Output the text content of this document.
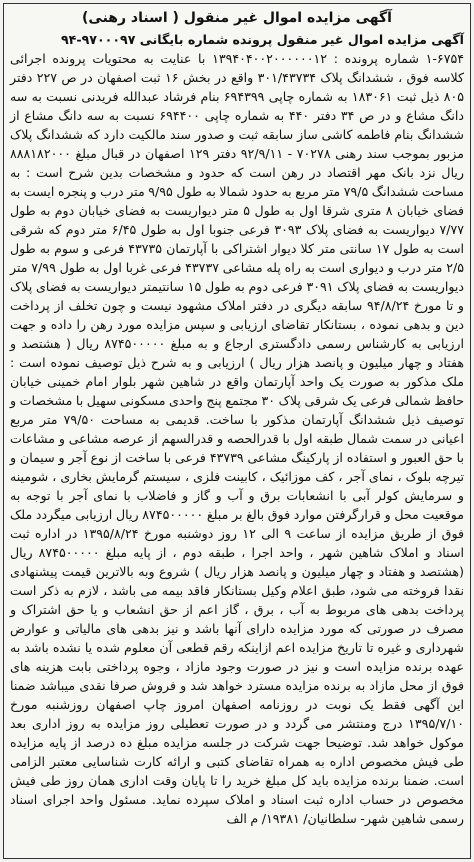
آگهی مزایده اموال غیر منقول ( اسناد رهنی)
آگهی مزایده اموال غیر منقول پرونده شماره بایگانی ۹۷۰۰۰۹۷-۹۴

۱-۶۷۵۴ شماره پرونده : ۱۳۹۴۰۴۰۰۲۰۰۰۰۰۰۱۲ با عنایت به محتویات پرونده اجرائی کلاسه فوق ، ششدانگ پلاک ۳۰۱/۴۳۷۳۴ واقع در بخش ۱۶ ثبت اصفهان در ص ۲۲۷ دفتر ۸۰۵ ذیل ثبت ۱۸۳۰۶۱ به شماره چاپی ۶۹۴۳۹۹ بنام فرشاد عبدالله فریدنی نسبت به سه دانگ مشاع و در ص ۳۴ دفتر ۴۴۰ به شماره چاپی ۶۹۴۴۰۰ نسبت به سه دانگ مشاع از ششدانگ بنام فاطمه کاشی ساز سابقه ثبت و صدور سند مالکیت دارد که ششدانگ پلاک مزبور بموجب سند رهنی ۷۰۲۷۸ - ۹۲/۹/۱۱ دفتر ۱۲۹ اصفهان در قبال مبلغ ۸۸۸۱۸۲۰۰۰ ریال نزد بانک مهر اقتصاد در رهن است که حدود و مشخصات بدین شرح است : به مساحت ششدانگ ۷۹/۵ متر مربع به حدود شمالا به طول ۹/۹۵ متر درب و پنجره ایست به فضای خیابان ۸ متری شرقا اول به طول ۵ متر دیواریست به فضای خیابان دوم به طول ۷/۷۷ دیواریست به فضای پلاک ۳۰۹۳ فرعی جنوبا اول به طول ۶/۴۵ متر دوم که شرقی است به طول ۱۷ سانتی متر کلا دیوار اشتراکی با آپارتمان ۴۳۷۳۵ فرعی و سوم به طول ۲/۵ متر درب و دیواری است به راه پله مشاعی ۴۳۷۳۷ فرعی غربا اول به طول ۷/۹۹ متر دیواریست به فضای پلاک ۳۰۹۱ فرعی دوم به طول ۱۵ سانتیمتر دیواریست به فضای پلاک و تا مورخ ۹۴/۸/۲۴ سابقه دیگری در دفتر املاک مشهود نیست و چون تخلف از پرداخت دین و بدهی نموده ، بستانکار تقاضای ارزیابی و سپس مزایده مورد رهن را داده و جهت ارزیابی به کارشناس رسمی دادگستری ارجاع و به مبلغ ۸۷۴۵۰۰۰۰۰ ریال ( هشتصد و هفتاد و چهار میلیون و پانصد هزار ریال ) ارزیابی و به شرح ذیل توصیف نموده است : ملک مذکور به صورت یک واحد آپارتمان واقع در شاهین شهر بلوار امام خمینی خیابان حافظ شمالی فرعی یک شرقی پلاک ۳۰ مجتمع پنج واحدی مسکونی سهیل با مشخصات و توصیف ذیل ششدانگ آپارتمان مذکور با ساخت. قدیمی به مساحت ۷۹/۵۰ متر مربع اعیانی در سمت شمال طبقه اول با قدرالحصه و قدرالسهم از عرصه مشاعی و مشاعات با حق العبور و استفاده از پارکینگ مشاعی ۴۳۷۳۹ فرعی با ساخت از نوع آجر و سیمان و تیرچه بلوک ، نمای آجر ، کف موزائیک ، کابینت فلزی ، سیستم گرمایش بخاری ، شومینه و سرمایش کولر آبی با انشعابات برق و آب و گاز و فاضلاب با نمای آجر با توجه به موقعیت محل و قرارگرفتن موارد فوق بالغ بر مبلغ ۸۷۴۵۰۰۰۰۰ ریال ارزیابی میگردد ملک فوق از طریق مزایده از ساعت ۹ الی ۱۲ روز دوشنبه مورخ ۱۳۹۵/۸/۲۴ در اداره ثبت اسناد و املاک شاهین شهر ، واحد اجرا ، طبقه دوم ، از پایه مبلغ ۸۷۴۵۰۰۰۰۰ ریال (هشتصد و هفتاد و چهار میلیون و پانصد هزار ریال ) شروع وبه بالاترین قیمت پیشنهادی نقدا فروخته می شود، طبق اعلام وکیل بستانکار فاقد بیمه می باشد ، لازم به ذکر است پرداخت بدهی های مربوط به آب ، برق ، گاز اعم از حق انشعاب و یا حق اشتراک و مصرف در صورتی که مورد مزایده دارای آنها باشد و نیز بدهی های مالیاتی و عوارض شهرداری و غیره تا تاریخ مزایده اعم ازاینکه رقم قطعی آن معلوم شده یا نشده باشد به عهده برنده مزایده است و نیز در صورت وجود مازاد ، وجوه پرداختی بابت هزینه های فوق از محل مازاد به برنده مزایده مسترد خواهد شد و فروش صرفا نقدی میباشد ضمنا این آگهی فقط یک نوبت در روزنامه اصفهان امروز چاپ اصفهان روزشنبه مورخ ۱۳۹۵/۷/۱۰ درج ومنتشر می گردد و در صورت تعطیلی روز مزایده به روز اداری بعد موکول خواهد شد. توضیحا جهت شرکت در جلسه مزایده مبلغ ده درصد از پایه مزایده طی فیش مخصوص اداره به همراه تقاضای کتبی و ارائه کارت شناسایی معتبر الزامی است. ضمنا برنده مزایده باید کل مبلغ خرید را تا پایان وقت اداری همان روز طی فیش مخصوص در حساب اداره ثبت اسناد و املاک سپرده نماید. مسئول واحد اجرای اسناد رسمی شاهین شهر- سلطانیان/ ۱۹۳۸۱/ م الف
